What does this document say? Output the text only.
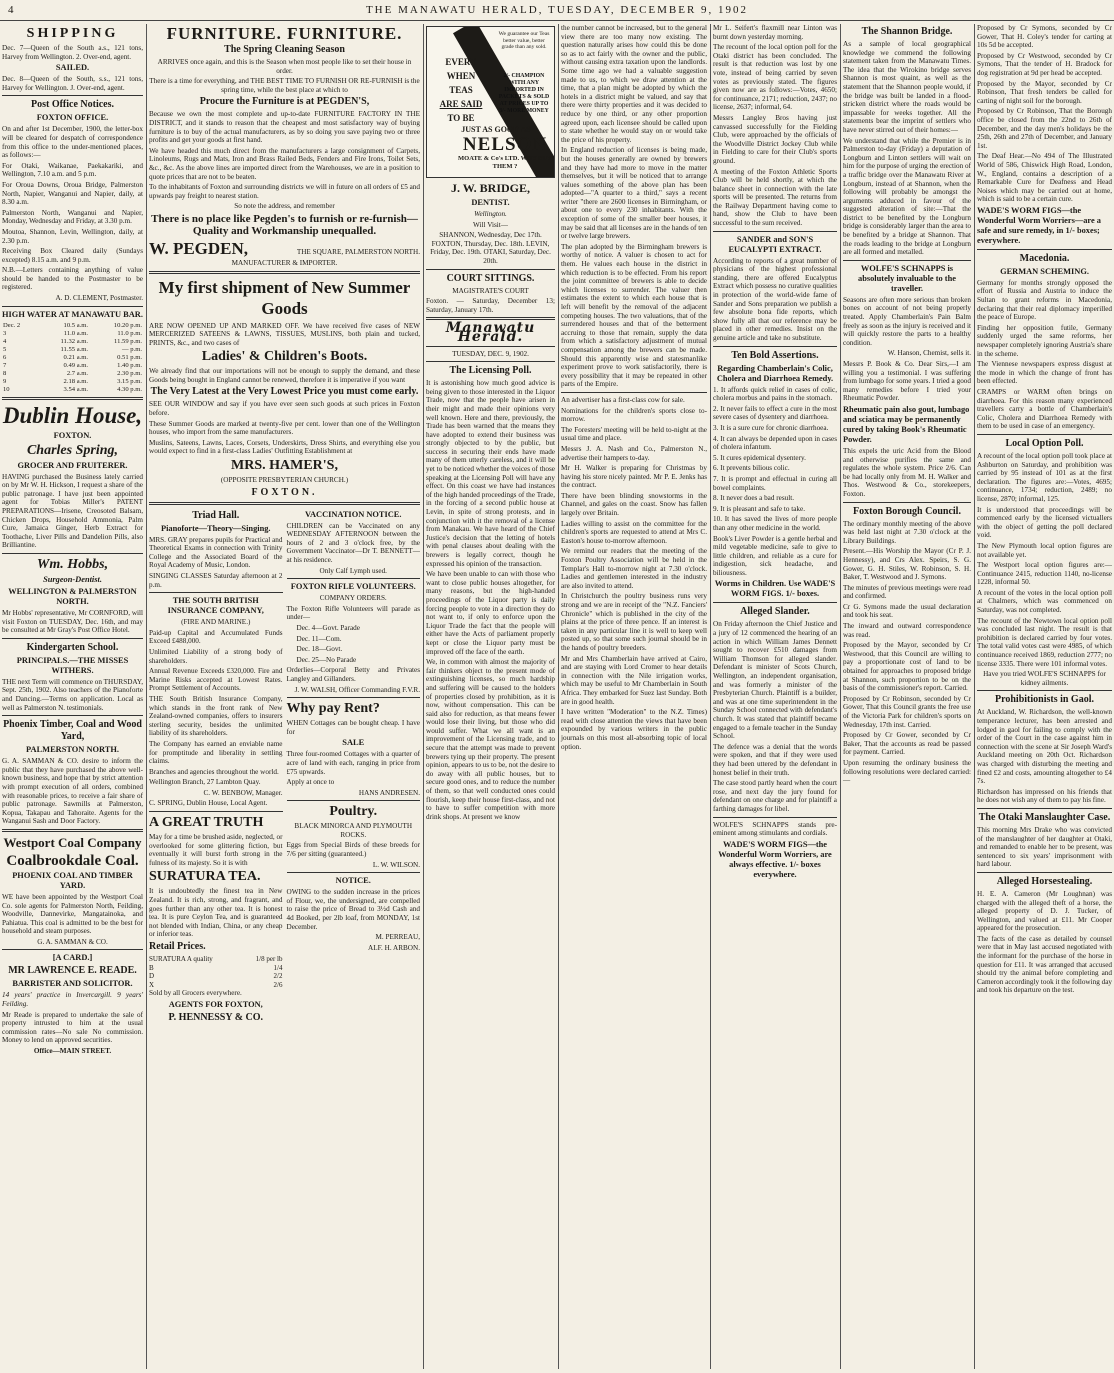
4	THE MANAWATU HERALD, TUESDAY, DECEMBER 9, 1902
SHIPPING

Dec. 7—Queen of the South a.s., 121 tons, Harvey from Wellington. 2. Over-end, agent.

SAILED.

Dec. 8—Queen of the South, s.s., 121 tons, Harvey for Wellington. J. Over-end, agent.

Post Office Notices.
FOXTON OFFICE.

On and after 1st December, 1900, the letter-box will be cleared for despatch of correspondence from this office to the under-mentioned places, as follows:—

For Otaki, Waikanae, Paekakariki, and Wellington, 7.10 a.m. and 5 p.m.

For Oroua Downs, Oroua Bridge, Palmerston North, Napier, Wanganui and Napier, daily, at 8.30 a.m.

Palmerston North, Wanganui and Napier, Monday, Wednesday and Friday, at 3.30 p.m.

Moutoa, Shannon, Levin, Wellington, daily, at 2.30 p.m.

Receiving Box Cleared daily (Sundays excepted) 8.15 a.m. and 9 p.m.

N.B.—Letters containing anything of value should be handed to the Postmaster to be registered.

A. D. CLEMENT, Postmaster.

HIGH WATER AT MANAWATU BAR.
Dec. 2	10.5 a.m.	10.20 p.m.
3	11.0 a.m.	11.0 p.m.
4	11.32 a.m.	11.59 p.m.
5	11.55 a.m.	— p.m.
6	0.21 a.m.	0.51 p.m.
7	0.49 a.m.	1.40 p.m.
8	2.7 a.m.	2.30 p.m.
9	2.18 a.m.	3.15 p.m.
10	3.54 a.m.	4.30 p.m.
Dublin House,
FOXTON.
Charles Spring,
GROCER AND FRUITERER.

HAVING purchased the Business lately carried on by Mr W. H. Hickson, I request a share of the public patronage. I have just been appointed agent for Tobias Miller's PATENT PREPARATIONS—Irisene, Creosoted Balsam, Chicken Drops, Household Ammonia, Palm Cure, Jamaica Ginger, Herb Extract for Toothache, Liver Pills and Dandelion Pills, also Brilliantine.

Wm. Hobbs,
Surgeon-Dentist.
WELLINGTON & PALMERSTON NORTH.

Mr Hobbs' representative, Mr CORNFORD, will visit Foxton on TUESDAY, Dec. 16th, and may be consulted at Mr Gray's Post Office Hotel.

Kindergarten School.
PRINCIPALS.—THE MISSES WITHERS.

THE next Term will commence on THURSDAY, Sept. 25th, 1902. Also teachers of the Pianoforte and Dancing.—Terms on application. Local as well as Palmerston N. testimonials.

Phoenix Timber, Coal and Wood Yard,
PALMERSTON NORTH.

G. A. SAMMAN & CO. desire to inform the public that they have purchased the above well-known business, and hope that by strict attention with prompt execution of all orders, combined with reasonable prices, to receive a fair share of public patronage. Sawmills at Palmerston, Kopua, Takapau and Tahoraite. Agents for the Wanganui Sash and Door Factory.

Westport Coal Company
Coalbrookdale Coal.
PHOENIX COAL AND TIMBER YARD.

WE have been appointed by the Westport Coal Co. sole agents for Palmerston North, Feilding, Woodville, Dannevirke, Mangatainoka, and Pahiatua. This coal is admitted to be the best for household and steam purposes.

G. A. SAMMAN & CO.

[A CARD.]
MR LAWRENCE E. READE.
BARRISTER AND SOLICITOR.

14 years' practice in Invercargill. 9 years' Feilding.

Mr Reade is prepared to undertake the sale of property intrusted to him at the usual commission rates—No sale No commission. Money to lend on approved securities.

Office—MAIN STREET.

FURNITURE. FURNITURE.
The Spring Cleaning Season

ARRIVES once again, and this is the Season when most people like to set their house in order.

There is a time for everything, and THE BEST TIME TO FURNISH OR RE-FURNISH is the spring time, while the best place at which to

Procure the Furniture is at PEGDEN'S,

Because we own the most complete and up-to-date FURNITURE FACTORY IN THE DISTRICT, and it stands to reason that the cheapest and most satisfactory way of buying furniture is to buy of the actual manufacturers, as by so doing you save paying two or three profits and get your goods at first hand.

We have headed this much direct from the manufacturers a large consignment of Carpets, Linoleums, Rugs and Mats, Iron and Brass Railed Beds, Fenders and Fire Irons, Toilet Sets, &c., &c. As the above lines are imported direct from the Warehouses, we are in a position to quote prices that are not to be beaten.

To the inhabitants of Foxton and surrounding districts we will in future on all orders of £5 and upwards pay freight to nearest station.

So note the address, and remember

There is no place like Pegden's to furnish or re-furnish—Quality and Workmanship unequalled.
W. PEGDEN,	THE SQUARE, PALMERSTON NORTH.

MANUFACTURER & IMPORTER.

My first shipment of New Summer Goods

ARE NOW OPENED UP AND MARKED OFF. We have received five cases of NEW MERCERIZED SATEENS & LAWNS, TISSUES, MUSLINS, both plain and tucked, PRINTS, &c., and two cases of

Ladies' & Children's Boots.

We already find that our importations will not be enough to supply the demand, and these Goods being bought in England cannot be renewed, therefore it is imperative if you want

The Very Latest at the Very Lowest Price you must come early.

SEE OUR WINDOW and say if you have ever seen such goods at such prices in Foxton before.

These Summer Goods are marked at twenty-five per cent. lower than one of the Wellington houses, who import from the same manufacturers.

Muslins, Sateens, Lawns, Laces, Corsets, Underskirts, Dress Shirts, and everything else you would expect to find in a first-class Ladies' Outfitting Establishment at

MRS. HAMER'S,

(OPPOSITE PRESBYTERIAN CHURCH.)

FOXTON.
Triad Hall.
Pianoforte—Theory—Singing.

MRS. GRAY prepares pupils for Practical and Theoretical Exams in connection with Trinity College and the Associated Board of the Royal Academy of Music, London.

SINGING CLASSES Saturday afternoon at 2 p.m.

THE SOUTH BRITISH INSURANCE COMPANY,

(FIRE AND MARINE.)

Paid-up Capital and Accumulated Funds Exceed £488,000.

Unlimited Liability of a strong body of shareholders.

Annual Revenue Exceeds £320,000. Fire and Marine Risks accepted at Lowest Rates. Prompt Settlement of Accounts.

THE South British Insurance Company, which stands in the front rank of New Zealand-owned companies, offers to insurers sterling security, besides the unlimited liability of its shareholders.

The Company has earned an enviable name for promptitude and liberality in settling claims.

Branches and agencies throughout the world.

Wellington Branch, 27 Lambton Quay.

C. W. BENBOW, Manager.

C. SPRING, Dublin House, Local Agent.

A GREAT TRUTH

May for a time be brushed aside, neglected, or overlooked for some glittering fiction, but eventually it will burst forth strong in the fulness of its majesty. So it is with

SURATURA TEA.

It is undoubtedly the finest tea in New Zealand. It is rich, strong, and fragrant, and goes further than any other tea. It is honest tea. It is pure Ceylon Tea, and is guaranteed not blended with Indian, China, or any cheap or inferior teas.

Retail Prices.
SURATURA A quality	1/8 per lb
B	1/4
D	2/2
X	2/6

Sold by all Grocers everywhere.

AGENTS FOR FOXTON,
P. HENNESSY & CO.
VACCINATION NOTICE.

CHILDREN can be Vaccinated on any WEDNESDAY AFTERNOON between the hours of 2 and 3 o'clock free, by the Government Vaccinator—Dr T. BENNETT—at his residence.

Only Calf Lymph used.

FOXTON RIFLE VOLUNTEERS.

COMPANY ORDERS.

The Foxton Rifle Volunteers will parade as under—

Dec. 4—Govt. Parade

Dec. 11—Com.

Dec. 18—Govt.

Dec. 25—No Parade

Orderlies—Corporal Betty and Privates Langley and Gillanders.

J. W. WALSH, Officer Commanding F.V.R.

Why pay Rent?

WHEN Cottages can be bought cheap. I have for

SALE

Three four-roomed Cottages with a quarter of acre of land with each, ranging in price from £75 upwards.

Apply at once to

HANS ANDRESEN.

Poultry.

BLACK MINORCA AND PLYMOUTH ROCKS.

Eggs from Special Birds of these breeds for 7/6 per sitting (guaranteed.)

L. W. WILSON.

NOTICE.

OWING to the sudden increase in the prices of Flour, we, the undersigned, are compelled to raise the price of Bread to 3½d Cash and 4d Booked, per 2lb loaf, from MONDAY, 1st December.

M. PERREAU,

ALF. H. ARBON.

We guarantee our Teas better value, better grade than any sold.
2/- CHAMPION WITH ANY IMPORTED IN PACKETS & SOLD AT PRICES UP TO 3/- MORE MONEY
EVERY
WHEN
TEAS
ARE SAID
TO BE
JUST AS GOOD AS
NELSON
MOATE & Co's LTD. WHY BUY THEM ?
J. W. BRIDGE,
DENTIST.

Wellington.

Will Visit—

SHANNON, Wednesday, Dec 17th. FOXTON, Thursday, Dec. 18th. LEVIN, Friday, Dec. 19th. OTAKI, Saturday, Dec. 20th.

COURT SITTINGS.

MAGISTRATE'S COURT

Foxton. — Saturday, December 13; Saturday, January 17th.

Manawatu Herald.

TUESDAY, DEC. 9, 1902.

The Licensing Poll.

It is astonishing how much good advice is being given to those interested in the Liquor Trade, now that the people have arisen in their might and made their opinions very well known. Here and there, previously, the Trade has been warned that the means they have adopted to extend their business was strongly objected to by the public, but success in securing their ends have made many of them utterly careless, and it will be yet to be noticed whether the voices of those speaking at the Licensing Poll will have any effect. On this coast we have had instances of the high handed proceedings of the Trade, in the forcing of a second public house at Levin, in spite of strong protests, and in conjunction with it the removal of a license from Manakau. We have heard of the Chief Justice's decision that the letting of hotels with penal clauses about dealing with the brewers is legally correct, though he expressed his opinion of the transaction.

We have been unable to can with those who want to close public houses altogether, for many reasons, but the high-handed proceedings of the Liquor party is daily forcing people to vote in a direction they do not want to, if only to enforce upon the Liquor Trade the fact that the people will either have the Acts of parliament properly kept or close the Liquor party must be improved off the face of the earth.

We, in common with almost the majority of fair thinkers object to the present mode of extinguishing licenses, so much hardship and suffering will be caused to the holders of properties closed by prohibition, as it is now, without compensation. This can be said also for reduction, as that means fewer would lose their living, but those who did would suffer. What we all want is an improvement of the Licensing trade, and to secure that the attempt was made to prevent brewers tying up their property. The present opinion, appears to us to be, not the desire to do away with all public houses, but to secure good ones, and to reduce the number of them, so that well conducted ones could flourish, keep their house first-class, and not to have to suffer competition with more drink shops. At present we know

the number cannot be increased, but to the general view there are too many now existing. The question naturally arises how could this be done so as to act fairly with the owner and the public, without causing extra taxation upon the landlords. Some time ago we had a valuable suggestion made to us, to which we draw attention at the time, that a plan might be adopted by which the hotels in a district might be valued, and say that there were thirty properties and it was decided to reduce by one third, or any other proportion agreed upon, each licensee should be called upon to state whether he would stay on or would take the price of his property.

In England reduction of licenses is being made, but the houses generally are owned by brewers and they have had more to move in the matter themselves, but it will be noticed that to arrange values something of the above plan has been adopted—"A quarter to a third," says a recent writer "there are 2600 licenses in Birmingham, or about one to every 230 inhabitants. With the exception of some of the smaller beer houses, it may be said that all licenses are in the hands of ten or twelve large brewers.

The plan adopted by the Birmingham brewers is worthy of notice. A valuer is chosen to act for them. He values each house in the district in which reduction is to be effected. From his report the joint committee of brewers is able to decide which licenses to surrender. The valuer then estimates the extent to which each house that is left will benefit by the removal of the adjacent competing houses. The two valuations, that of the surrendered houses and that of the betterment accruing to those that remain, supply the data from which a satisfactory adjustment of mutual compensation among the brewers can be made. Should this apparently wise and statesmanlike experiment prove to work satisfactorily, there is every possibility that it may be repeated in other parts of the Empire.

An advertiser has a first-class cow for sale.

Nominations for the children's sports close to-morrow.

The Foresters' meeting will be held to-night at the usual time and place.

Messrs J. A. Nash and Co., Palmerston N., advertise their hampers to-day.

Mr H. Walker is preparing for Christmas by having his store nicely painted. Mr P. E. Jenks has the contract.

There have been blinding snowstorms in the Channel, and gales on the coast. Snow has fallen largely over Britain.

Ladies willing to assist on the committee for the children's sports are requested to attend at Mrs C. Easton's house to-morrow afternoon.

We remind our readers that the meeting of the Foxton Poultry Association will be held in the Templar's Hall to-morrow night at 7.30 o'clock. Ladies and gentlemen interested in the industry are also invited to attend.

In Christchurch the poultry business runs very strong and we are in receipt of the "N.Z. Fanciers' Chronicle" which is published in the city of the plains at the price of three pence. If an interest is taken in any particular line it is well to keep well posted up, so that some such journal should be in the hands of poultry breeders.

Mr and Mrs Chamberlain have arrived at Cairo, and are staying with Lord Cromer to hear details in connection with the Nile irrigation works, which may be useful to Mr Chamberlain in South Africa. They embarked for Suez last Sunday. Both are in good health.

I have written "Moderation" to the N.Z. Times) read with close attention the views that have been expounded by various writers in the public journals on this most all-absorbing topic of local option.

Mr L. Seifert's flaxmill near Linton was burnt down yesterday morning.

The recount of the local option poll for the Otaki district has been concluded. The result is that reduction was lost by one vote, instead of being carried by seven votes as previously stated. The figures given now are as follows:—Votes, 4650; for continuance, 2171; reduction, 2437; no license, 2637; informal, 64.

Messrs Langley Bros having just canvassed successfully for the Fielding Club, were approached by the officials of the Woodville District Jockey Club while in Fielding to care for their Club's sports ground.

A meeting of the Foxton Athletic Sports Club will be held shortly, at which the balance sheet in connection with the late sports will be presented. The returns from the Railway Department having come to hand, show the Club to have been successful to the sum received.

SANDER and SON'S EUCALYPTI EXTRACT.

According to reports of a great number of physicians of the highest professional standing, there are offered Eucalyptus Extract which possess no curative qualities in protection of the world-wide fame of Sander and Sons preparation we publish a few absolute bona fide reports, which show fully all that our reference may be placed in other remedies. Insist on the genuine article and take no substitute.

Ten Bold Assertions.
Regarding Chamberlain's Colic, Cholera and Diarrhoea Remedy.

1. It affords quick relief in cases of colic, cholera morbus and pains in the stomach.

2. It never fails to effect a cure in the most severe cases of dysentery and diarrhoea.

3. It is a sure cure for chronic diarrhoea.

4. It can always be depended upon in cases of cholera infantum.

5. It cures epidemical dysentery.

6. It prevents bilious colic.

7. It is prompt and effectual in curing all bowel complaints.

8. It never does a bad result.

9. It is pleasant and safe to take.

10. It has saved the lives of more people than any other medicine in the world.

Book's Liver Powder is a gentle herbal and mild vegetable medicine, safe to give to little children, and reliable as a cure for indigestion, sick headache, and biliousness.

Worms in Children. Use WADE'S WORM FIGS. 1/- boxes.
Alleged Slander.

On Friday afternoon the Chief Justice and a jury of 12 commenced the hearing of an action in which William James Dennett sought to recover £510 damages from William Thomson for alleged slander. Defendant is minister of Scots Church, Wellington, an independent organisation, and was formerly a minister of the Presbyterian Church. Plaintiff is a builder, and was at one time superintendent in the Sunday School connected with defendant's church. It was stated that plaintiff became engaged to a female teacher in the Sunday School.

The defence was a denial that the words were spoken, and that if they were used they had been uttered by the defendant in honest belief in their truth.

The case stood partly heard when the court rose, and next day the jury found for defendant on one charge and for plaintiff a farthing damages for libel.

WOLFE'S SCHNAPPS stands pre-eminent among stimulants and cordials.

WADE'S WORM FIGS—the Wonderful Worm Worriers, are always effective. 1/- boxes everywhere.
The Shannon Bridge.

As a sample of local geographical knowledge we commend the following statement taken from the Manawatu Times. The idea that the Wirokino bridge serves Shannon is most quaint, as well as the statement that the Shannon people would, if the bridge was built be landed in a flood-stricken district where the roads would be impassable for weeks together. All the statements bear the imprint of settlers who have never stirred out of their homes:—

We understand that while the Premier is in Palmerston to-day (Friday) a deputation of Longburn and Linton settlers will wait on him for the purpose of urging the erection of a traffic bridge over the Manawatu River at Longburn, instead of at Shannon, when the following will probably be amongst the arguments adduced in favour of the suggested alteration of site:—That the district to be benefited by the Longburn bridge is considerably larger than the area to be benefited by a bridge at Shannon. That the roads leading to the bridge at Longburn are all formed and metalled.

WOLFE'S SCHNAPPS is absolutely invaluable to the traveller.

Seasons are often more serious than broken bones on account of not being properly treated. Apply Chamberlain's Pain Balm freely as soon as the injury is received and it will quickly restore the parts to a healthy condition.

W. Hanson, Chemist, sells it.

Messrs P. Book & Co. Dear Sirs,—I am willing you a testimonial. I was suffering from lumbago for some years. I tried a good many remedies before I tried your Rheumatic Powder.

Rheumatic pain also gout, lumbago and sciatica may be permanently cured by taking Book's Rheumatic Powder.

This expels the uric Acid from the Blood and otherwise purifies the same and regulates the whole system. Price 2/6. Can be had locally only from M. H. Walker and Thos. Westwood & Co., storekeepers, Foxton.

Foxton Borough Council.

The ordinary monthly meeting of the above was held last night at 7.30 o'clock at the Library Buildings.

Present.—His Worship the Mayor (Cr P. J. Hennessy), and Crs Alex. Speirs, S. G. Gower, G. H. Stiles, W. Robinson, S. H. Baker, T. Westwood and J. Symons.

The minutes of previous meetings were read and confirmed.

Cr G. Symons made the usual declaration and took his seat.

The inward and outward correspondence was read.

Proposed by the Mayor, seconded by Cr Westwood, that this Council are willing to pay a proportionate cost of land to be obtained for approaches to proposed bridge at Shannon, such proportion to be on the basis of the commissioner's report. Carried.

Proposed by Cr Robinson, seconded by Cr Gower, That this Council grants the free use of the Victoria Park for children's sports on Wednesday, 17th inst. Carried.

Proposed by Cr Gower, seconded by Cr Baker, That the accounts as read be passed for payment. Carried.

Upon resuming the ordinary business the following resolutions were declared carried:—

Proposed by Cr Symons, seconded by Cr Gower, That H. Coley's tender for carting at 10s 5d be accepted.

Proposed by Cr Westwood, seconded by Cr Symons, That the tender of H. Bradock for dog registration at 9d per head be accepted.

Proposed by the Mayor, seconded by Cr Robinson, That fresh tenders be called for carting of night soil for the borough.

Proposed by Cr Robinson, That the Borough office be closed from the 22nd to 26th of December, and the day men's holidays be the 25th, 26th and 27th of December, and January 1st.

The Deaf Hear.—No 494 of The Illustrated World of 586, Chiswick High Road, London, W., England, contains a description of a Remarkable Cure for Deafness and Head Noises which may be carried out at home, which is said to be a certain cure.

WADE'S WORM FIGS—the Wonderful Worm Worriers—are a safe and sure remedy, in 1/- boxes; everywhere.
Macedonia.
GERMAN SCHEMING.

Germany for months strongly opposed the effort of Russia and Austria to induce the Sultan to grant reforms in Macedonia, declaring that their real diplomacy imperilled the peace of Europe.

Finding her opposition futile, Germany suddenly urged the same reforms, her newspaper completely ignoring Austria's share in the scheme.

The Viennese newspapers express disgust at the mode in which the change of front has been effected.

CRAMPS or WARM often brings on diarrhoea. For this reason many experienced travellers carry a bottle of Chamberlain's Colic, Cholera and Diarrhoea Remedy with them to be used in case of an emergency.

Local Option Poll.

A recount of the local option poll took place at Ashburton on Saturday, and prohibition was carried by 95 instead of 101 as at the first declaration. The figures are:—Votes, 4695; continuance, 1734; reduction, 2489; no license, 2870; informal, 125.

It is understood that proceedings will be commenced early by the licensed victuallers with the object of getting the poll declared void.

The New Plymouth local option figures are not available yet.

The Westport local option figures are:—Continuance 2415, reduction 1140, no-license 1228, informal 50.

A recount of the votes in the local option poll at Chalmers, which was commenced on Saturday, was not completed.

The recount of the Newtown local option poll was concluded last night. The result is that prohibition is declared carried by four votes. The total valid votes cast were 4985, of which continuance received 1869, reduction 2777; no license 3335. There were 101 informal votes.

Have you tried WOLFE'S SCHNAPPS for kidney ailments.

Prohibitionists in Gaol.

At Auckland, W. Richardson, the well-known temperance lecturer, has been arrested and lodged in gaol for failing to comply with the order of the Court in the case against him in connection with the scene at Sir Joseph Ward's Auckland meeting on 20th Oct. Richardson was charged with disturbing the meeting and fined £2 and costs, amounting altogether to £4 7s.

Richardson has impressed on his friends that he does not wish any of them to pay his fine.

The Otaki Manslaughter Case.

This morning Mrs Drake who was convicted of the manslaughter of her daughter at Otaki, and remanded to enable her to be present, was sentenced to six years' imprisonment with hard labour.

Alleged Horsestealing.

H. E. A. Cameron (Mr Loughnan) was charged with the alleged theft of a horse, the alleged property of D. J. Tucker, of Wellington, and valued at £11. Mr Cooper appeared for the prosecution.

The facts of the case as detailed by counsel were that in May last accused negotiated with the informant for the purchase of the horse in question for £11. It was arranged that accused should try the animal before completing and Cameron accordingly took it the following day and took his departure on the test.
